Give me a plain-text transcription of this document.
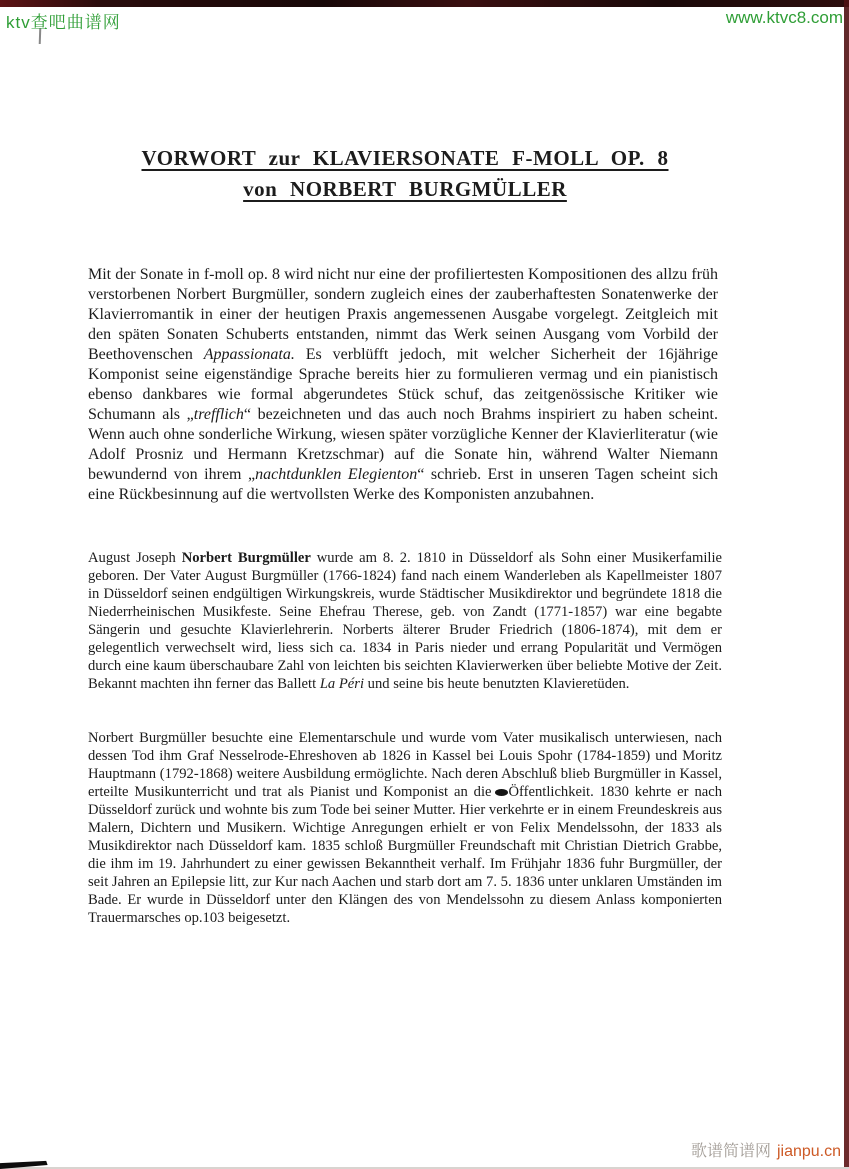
ktv查吧曲谱网	www.ktvc8.com
歌谱简谱网 jianpu.cn
VORWORT zur KLAVIERSONATE F-MOLL OP. 8
von NORBERT BURGMÜLLER
Mit der Sonate in f-moll op. 8 wird nicht nur eine der profiliertesten Kompositionen des allzu früh verstorbenen Norbert Burgmüller, sondern zugleich eines der zauberhaftesten Sonatenwerke der Klavierromantik in einer der heutigen Praxis angemessenen Ausgabe vorgelegt. Zeitgleich mit den späten Sonaten Schuberts entstanden, nimmt das Werk seinen Ausgang vom Vorbild der Beethovenschen Appassionata. Es verblüfft jedoch, mit welcher Sicherheit der 16jährige Komponist seine eigenständige Sprache bereits hier zu formulieren vermag und ein pianistisch ebenso dankbares wie formal abgerundetes Stück schuf, das zeitgenössische Kritiker wie Schumann als „trefflich“ bezeichneten und das auch noch Brahms inspiriert zu haben scheint. Wenn auch ohne sonderliche Wirkung, wiesen später vorzügliche Kenner der Klavierliteratur (wie Adolf Prosniz und Hermann Kretzschmar) auf die Sonate hin, während Walter Niemann bewundernd von ihrem „nachtdunklen Elegienton“ schrieb. Erst in unseren Tagen scheint sich eine Rückbesinnung auf die wertvollsten Werke des Komponisten anzubahnen.
August Joseph Norbert Burgmüller wurde am 8. 2. 1810 in Düsseldorf als Sohn einer Musikerfamilie geboren. Der Vater August Burgmüller (1766-1824) fand nach einem Wanderleben als Kapellmeister 1807 in Düsseldorf seinen endgültigen Wirkungskreis, wurde Städtischer Musikdirektor und begründete 1818 die Niederrheinischen Musikfeste. Seine Ehefrau Therese, geb. von Zandt (1771-1857) war eine begabte Sängerin und gesuchte Klavierlehrerin. Norberts älterer Bruder Friedrich (1806-1874), mit dem er gelegentlich verwechselt wird, liess sich ca. 1834 in Paris nieder und errang Popularität und Vermögen durch eine kaum überschaubare Zahl von leichten bis seichten Klavierwerken über beliebte Motive der Zeit. Bekannt machten ihn ferner das Ballett La Péri und seine bis heute benutzten Klavieretüden.
Norbert Burgmüller besuchte eine Elementarschule und wurde vom Vater musikalisch unterwiesen, nach dessen Tod ihm Graf Nesselrode-Ehreshoven ab 1826 in Kassel bei Louis Spohr (1784-1859) und Moritz Hauptmann (1792-1868) weitere Ausbildung ermöglichte. Nach deren Abschluß blieb Burgmüller in Kassel, erteilte Musikunterricht und trat als Pianist und Komponist an die Öffentlichkeit. 1830 kehrte er nach Düsseldorf zurück und wohnte bis zum Tode bei seiner Mutter. Hier verkehrte er in einem Freundeskreis aus Malern, Dichtern und Musikern. Wichtige Anregungen erhielt er von Felix Mendelssohn, der 1833 als Musikdirektor nach Düsseldorf kam. 1835 schloß Burgmüller Freundschaft mit Christian Dietrich Grabbe, die ihm im 19. Jahrhundert zu einer gewissen Bekanntheit verhalf. Im Frühjahr 1836 fuhr Burgmüller, der seit Jahren an Epilepsie litt, zur Kur nach Aachen und starb dort am 7. 5. 1836 unter unklaren Umständen im Bade. Er wurde in Düsseldorf unter den Klängen des von Mendelssohn zu diesem Anlass komponierten Trauermarsches op.103 beigesetzt.
